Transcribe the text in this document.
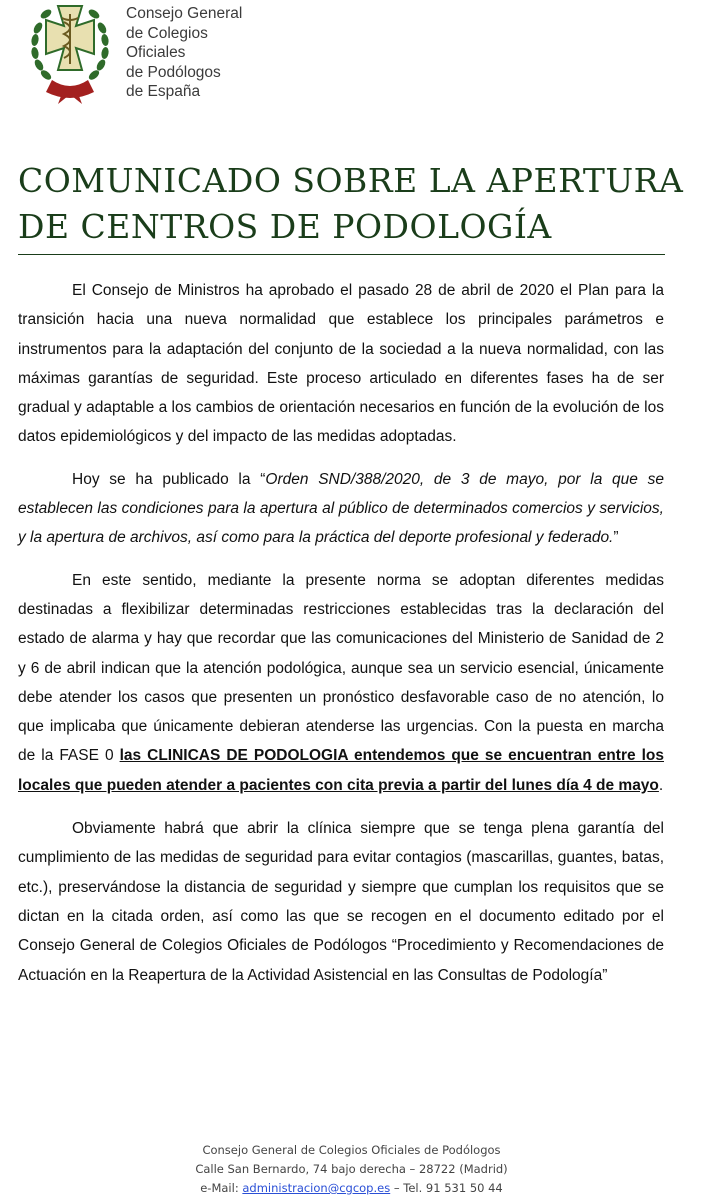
Consejo General
de Colegios
Oficiales
de Podólogos
de España
COMUNICADO SOBRE LA APERTURA
DE CENTROS DE PODOLOGÍA

El Consejo de Ministros ha aprobado el pasado 28 de abril de 2020 el Plan para la transición hacia una nueva normalidad que establece los principales parámetros e instrumentos para la adaptación del conjunto de la sociedad a la nueva normalidad, con las máximas garantías de seguridad. Este proceso articulado en diferentes fases ha de ser gradual y adaptable a los cambios de orientación necesarios en función de la evolución de los datos epidemiológicos y del impacto de las medidas adoptadas.

Hoy se ha publicado la “Orden SND/388/2020, de 3 de mayo, por la que se establecen las condiciones para la apertura al público de determinados comercios y servicios, y la apertura de archivos, así como para la práctica del deporte profesional y federado.”

En este sentido, mediante la presente norma se adoptan diferentes medidas destinadas a flexibilizar determinadas restricciones establecidas tras la declaración del estado de alarma y hay que recordar que las comunicaciones del Ministerio de Sanidad de 2 y 6 de abril indican que la atención podológica, aunque sea un servicio esencial, únicamente debe atender los casos que presenten un pronóstico desfavorable caso de no atención, lo que implicaba que únicamente debieran atenderse las urgencias. Con la puesta en marcha de la FASE 0 las CLINICAS DE PODOLOGIA entendemos que se encuentran entre los locales que pueden atender a pacientes con cita previa a partir del lunes día 4 de mayo.

Obviamente habrá que abrir la clínica siempre que se tenga plena garantía del cumplimiento de las medidas de seguridad para evitar contagios (mascarillas, guantes, batas, etc.), preservándose la distancia de seguridad y siempre que cumplan los requisitos que se dictan en la citada orden, así como las que se recogen en el documento editado por el Consejo General de Colegios Oficiales de Podólogos “Procedimiento y Recomendaciones de Actuación en la Reapertura de la Actividad Asistencial en las Consultas de Podología”

Consejo General de Colegios Oficiales de Podólogos
Calle San Bernardo, 74 bajo derecha – 28722 (Madrid)
e-Mail: administracion@cgcop.es – Tel. 91 531 50 44
